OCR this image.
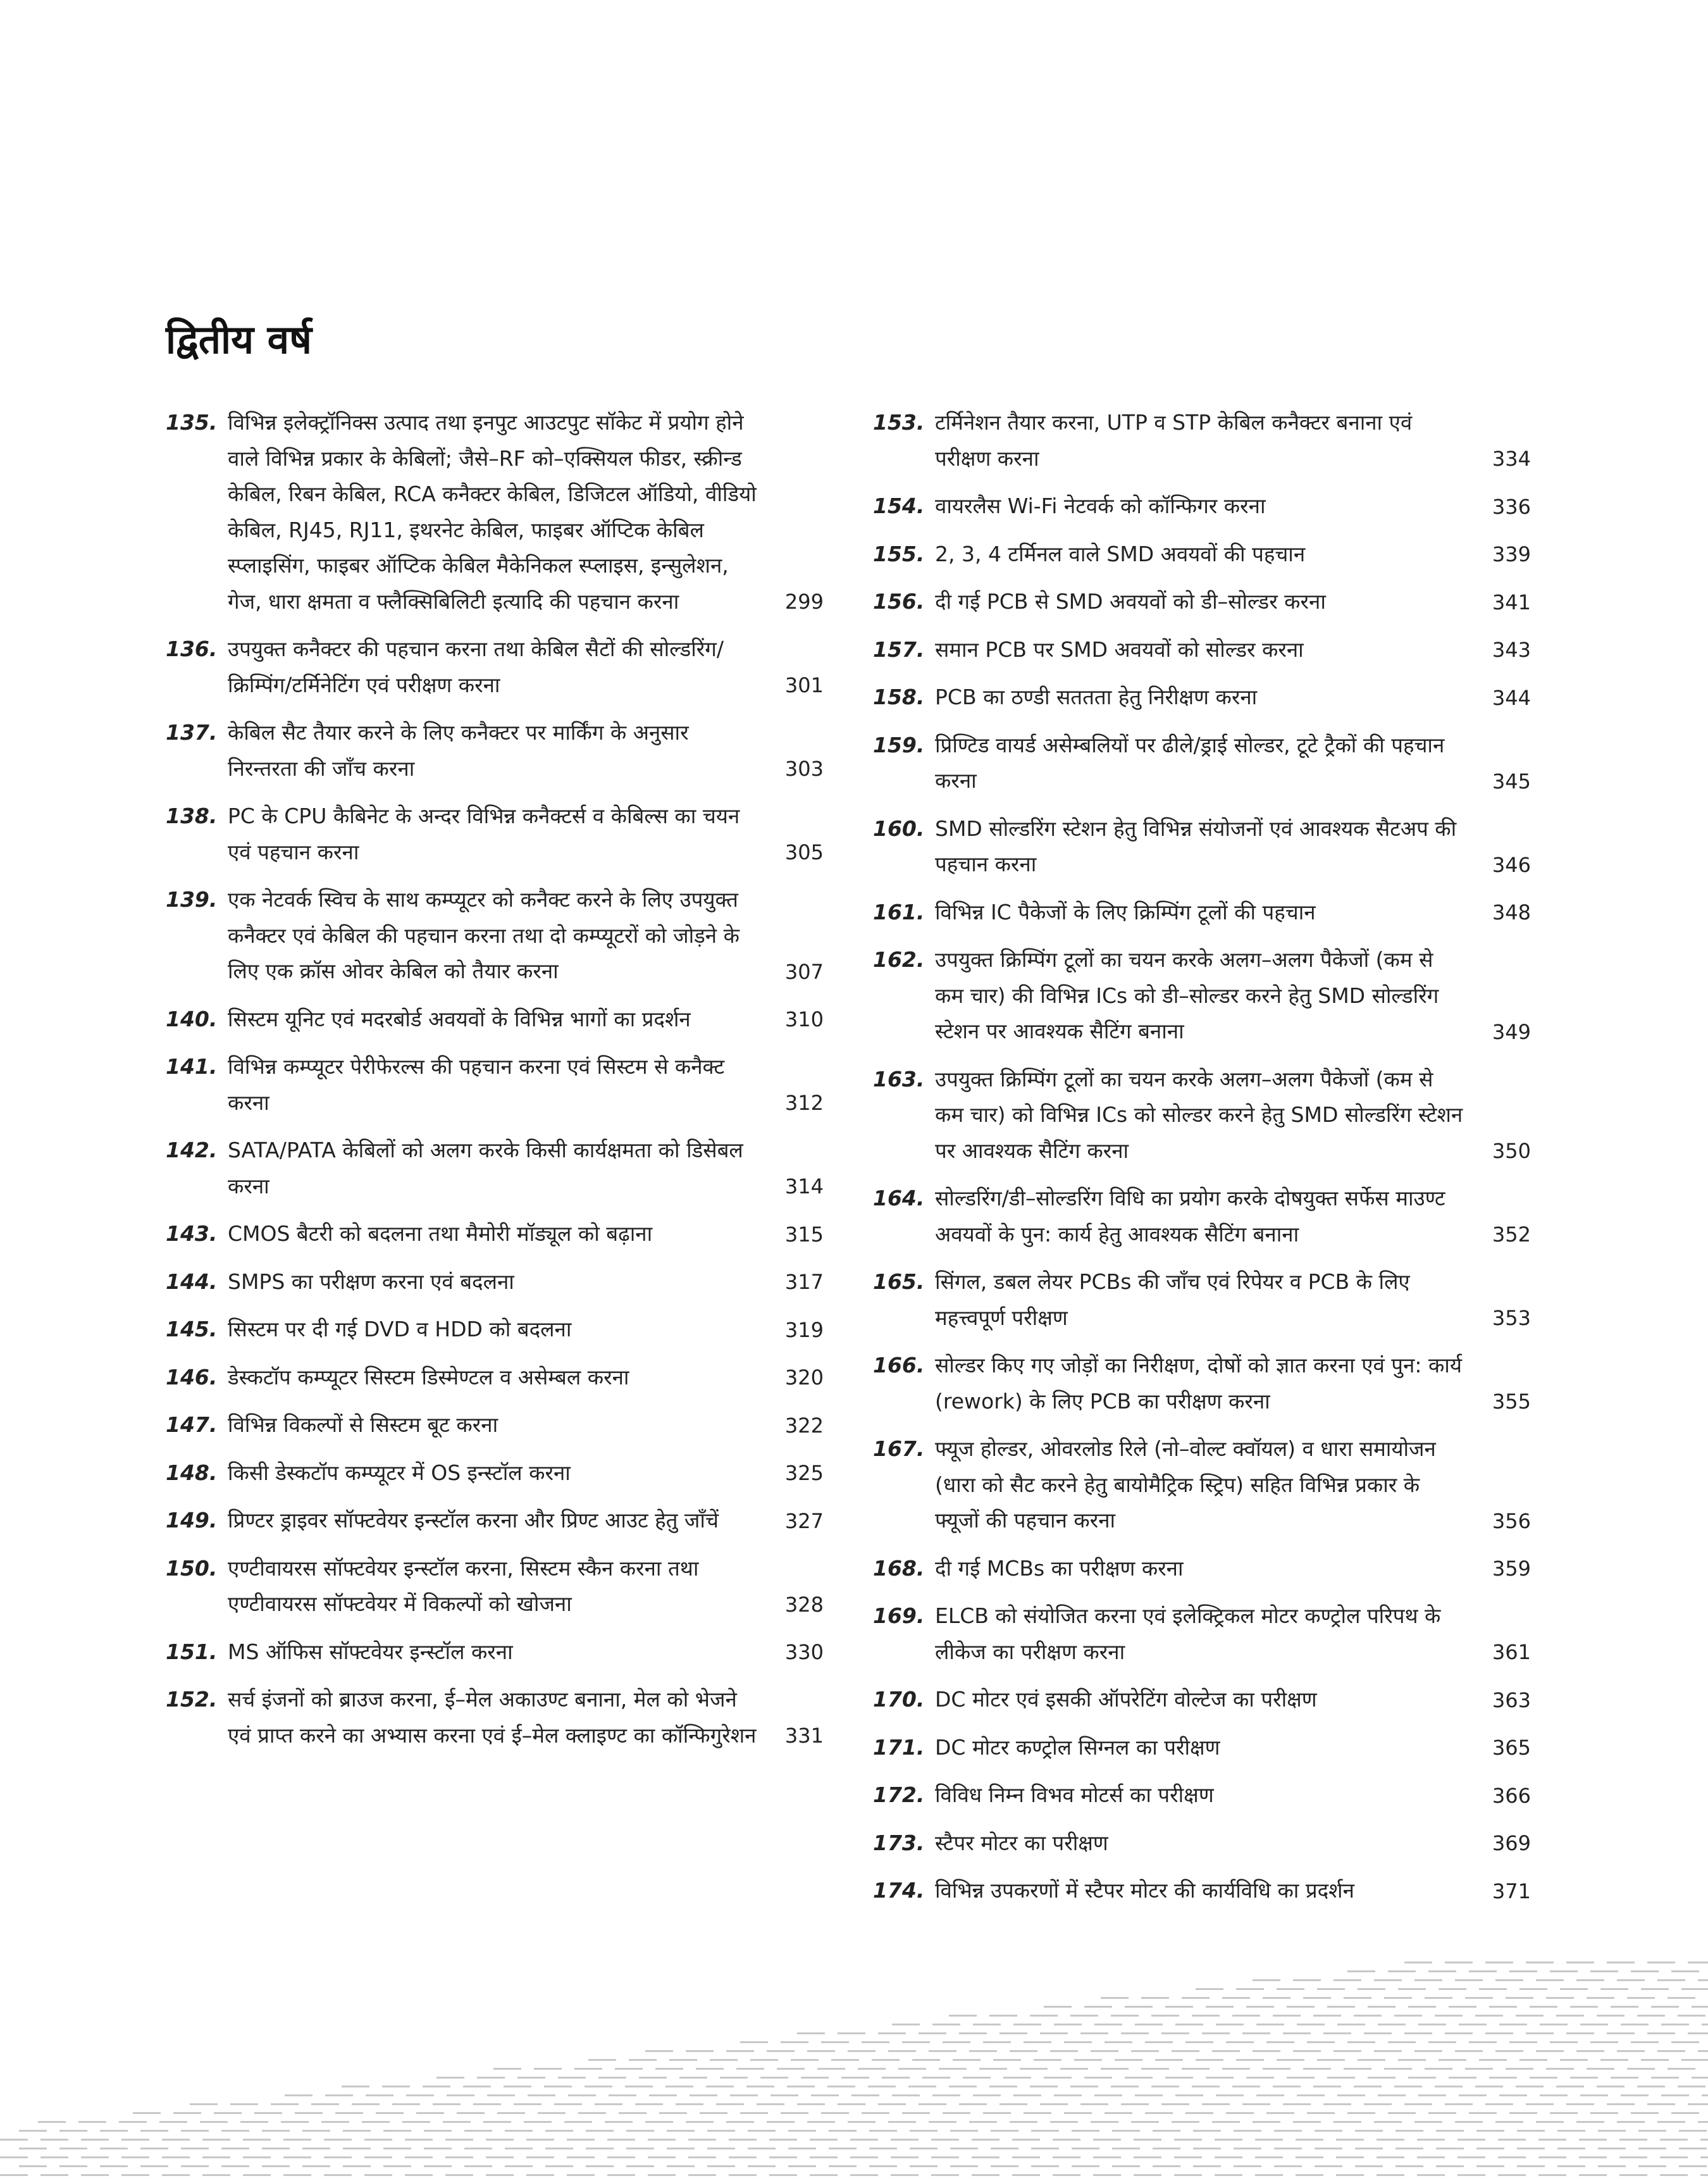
द्वितीय वर्ष
135. विभिन्न इलेक्ट्रॉनिक्स उत्पाद तथा इनपुट आउटपुट सॉकेट में प्रयोग होने वाले विभिन्न प्रकार के केबिलों; जैसे–RF को–एक्सियल फीडर, स्क्रीन्ड केबिल, रिबन केबिल, RCA कनैक्टर केबिल, डिजिटल ऑडियो, वीडियो केबिल, RJ45, RJ11, इथरनेट केबिल, फाइबर ऑप्टिक केबिल स्प्लाइसिंग, फाइबर ऑप्टिक केबिल मैकेनिकल स्प्लाइस, इन्सुलेशन, गेज, धारा क्षमता व फ्लैक्सिबिलिटी इत्यादि की पहचान करना	299
136. उपयुक्त कनैक्टर की पहचान करना तथा केबिल सैटों की सोल्डरिंग/क्रिम्पिंग/टर्मिनेटिंग एवं परीक्षण करना	301
137. केबिल सैट तैयार करने के लिए कनैक्टर पर मार्किंग के अनुसार निरन्तरता की जाँच करना	303
138. PC के CPU कैबिनेट के अन्दर विभिन्न कनैक्टर्स व केबिल्स का चयन एवं पहचान करना	305
139. एक नेटवर्क स्विच के साथ कम्प्यूटर को कनैक्ट करने के लिए उपयुक्त कनैक्टर एवं केबिल की पहचान करना तथा दो कम्प्यूटरों को जोड़ने के लिए एक क्रॉस ओवर केबिल को तैयार करना	307
140. सिस्टम यूनिट एवं मदरबोर्ड अवयवों के विभिन्न भागों का प्रदर्शन	310
141. विभिन्न कम्प्यूटर पेरीफेरल्स की पहचान करना एवं सिस्टम से कनैक्ट करना	312
142. SATA/PATA केबिलों को अलग करके किसी कार्यक्षमता को डिसेबल करना	314
143. CMOS बैटरी को बदलना तथा मैमोरी मॉड्यूल को बढ़ाना	315
144. SMPS का परीक्षण करना एवं बदलना	317
145. सिस्टम पर दी गई DVD व HDD को बदलना	319
146. डेस्कटॉप कम्प्यूटर सिस्टम डिस्मेण्टल व असेम्बल करना	320
147. विभिन्न विकल्पों से सिस्टम बूट करना	322
148. किसी डेस्कटॉप कम्प्यूटर में OS इन्स्टॉल करना	325
149. प्रिण्टर ड्राइवर सॉफ्टवेयर इन्स्टॉल करना और प्रिण्ट आउट हेतु जाँचें	327
150. एण्टीवायरस सॉफ्टवेयर इन्स्टॉल करना, सिस्टम स्कैन करना तथा एण्टीवायरस सॉफ्टवेयर में विकल्पों को खोजना	328
151. MS ऑफिस सॉफ्टवेयर इन्स्टॉल करना	330
152. सर्च इंजनों को ब्राउज करना, ई–मेल अकाउण्ट बनाना, मेल को भेजने एवं प्राप्त करने का अभ्यास करना एवं ई–मेल क्लाइण्ट का कॉन्फिगुरेशन	331
153. टर्मिनेशन तैयार करना, UTP व STP केबिल कनैक्टर बनाना एवं परीक्षण करना	334
154. वायरलैस Wi-Fi नेटवर्क को कॉन्फिगर करना	336
155. 2, 3, 4 टर्मिनल वाले SMD अवयवों की पहचान	339
156. दी गई PCB से SMD अवयवों को डी–सोल्डर करना	341
157. समान PCB पर SMD अवयवों को सोल्डर करना	343
158. PCB का ठण्डी सततता हेतु निरीक्षण करना	344
159. प्रिण्टिड वायर्ड असेम्बलियों पर ढीले/ड्राई सोल्डर, टूटे ट्रैकों की पहचान करना	345
160. SMD सोल्डरिंग स्टेशन हेतु विभिन्न संयोजनों एवं आवश्यक सैटअप की पहचान करना	346
161. विभिन्न IC पैकेजों के लिए क्रिम्पिंग टूलों की पहचान	348
162. उपयुक्त क्रिम्पिंग टूलों का चयन करके अलग–अलग पैकेजों (कम से कम चार) की विभिन्न ICs को डी–सोल्डर करने हेतु SMD सोल्डरिंग स्टेशन पर आवश्यक सैटिंग बनाना	349
163. उपयुक्त क्रिम्पिंग टूलों का चयन करके अलग–अलग पैकेजों (कम से कम चार) को विभिन्न ICs को सोल्डर करने हेतु SMD सोल्डरिंग स्टेशन पर आवश्यक सैटिंग करना	350
164. सोल्डरिंग/डी–सोल्डरिंग विधि का प्रयोग करके दोषयुक्त सर्फेस माउण्ट अवयवों के पुन: कार्य हेतु आवश्यक सैटिंग बनाना	352
165. सिंगल, डबल लेयर PCBs की जाँच एवं रिपेयर व PCB के लिए महत्त्वपूर्ण परीक्षण	353
166. सोल्डर किए गए जोड़ों का निरीक्षण, दोषों को ज्ञात करना एवं पुन: कार्य (rework) के लिए PCB का परीक्षण करना	355
167. फ्यूज होल्डर, ओवरलोड रिले (नो–वोल्ट क्वॉयल) व धारा समायोजन (धारा को सैट करने हेतु बायोमैट्रिक स्ट्रिप) सहित विभिन्न प्रकार के फ्यूजों की पहचान करना	356
168. दी गई MCBs का परीक्षण करना	359
169. ELCB को संयोजित करना एवं इलेक्ट्रिकल मोटर कण्ट्रोल परिपथ के लीकेज का परीक्षण करना	361
170. DC मोटर एवं इसकी ऑपरेटिंग वोल्टेज का परीक्षण	363
171. DC मोटर कण्ट्रोल सिग्नल का परीक्षण	365
172. विविध निम्न विभव मोटर्स का परीक्षण	366
173. स्टैपर मोटर का परीक्षण	369
174. विभिन्न उपकरणों में स्टैपर मोटर की कार्यविधि का प्रदर्शन	371
